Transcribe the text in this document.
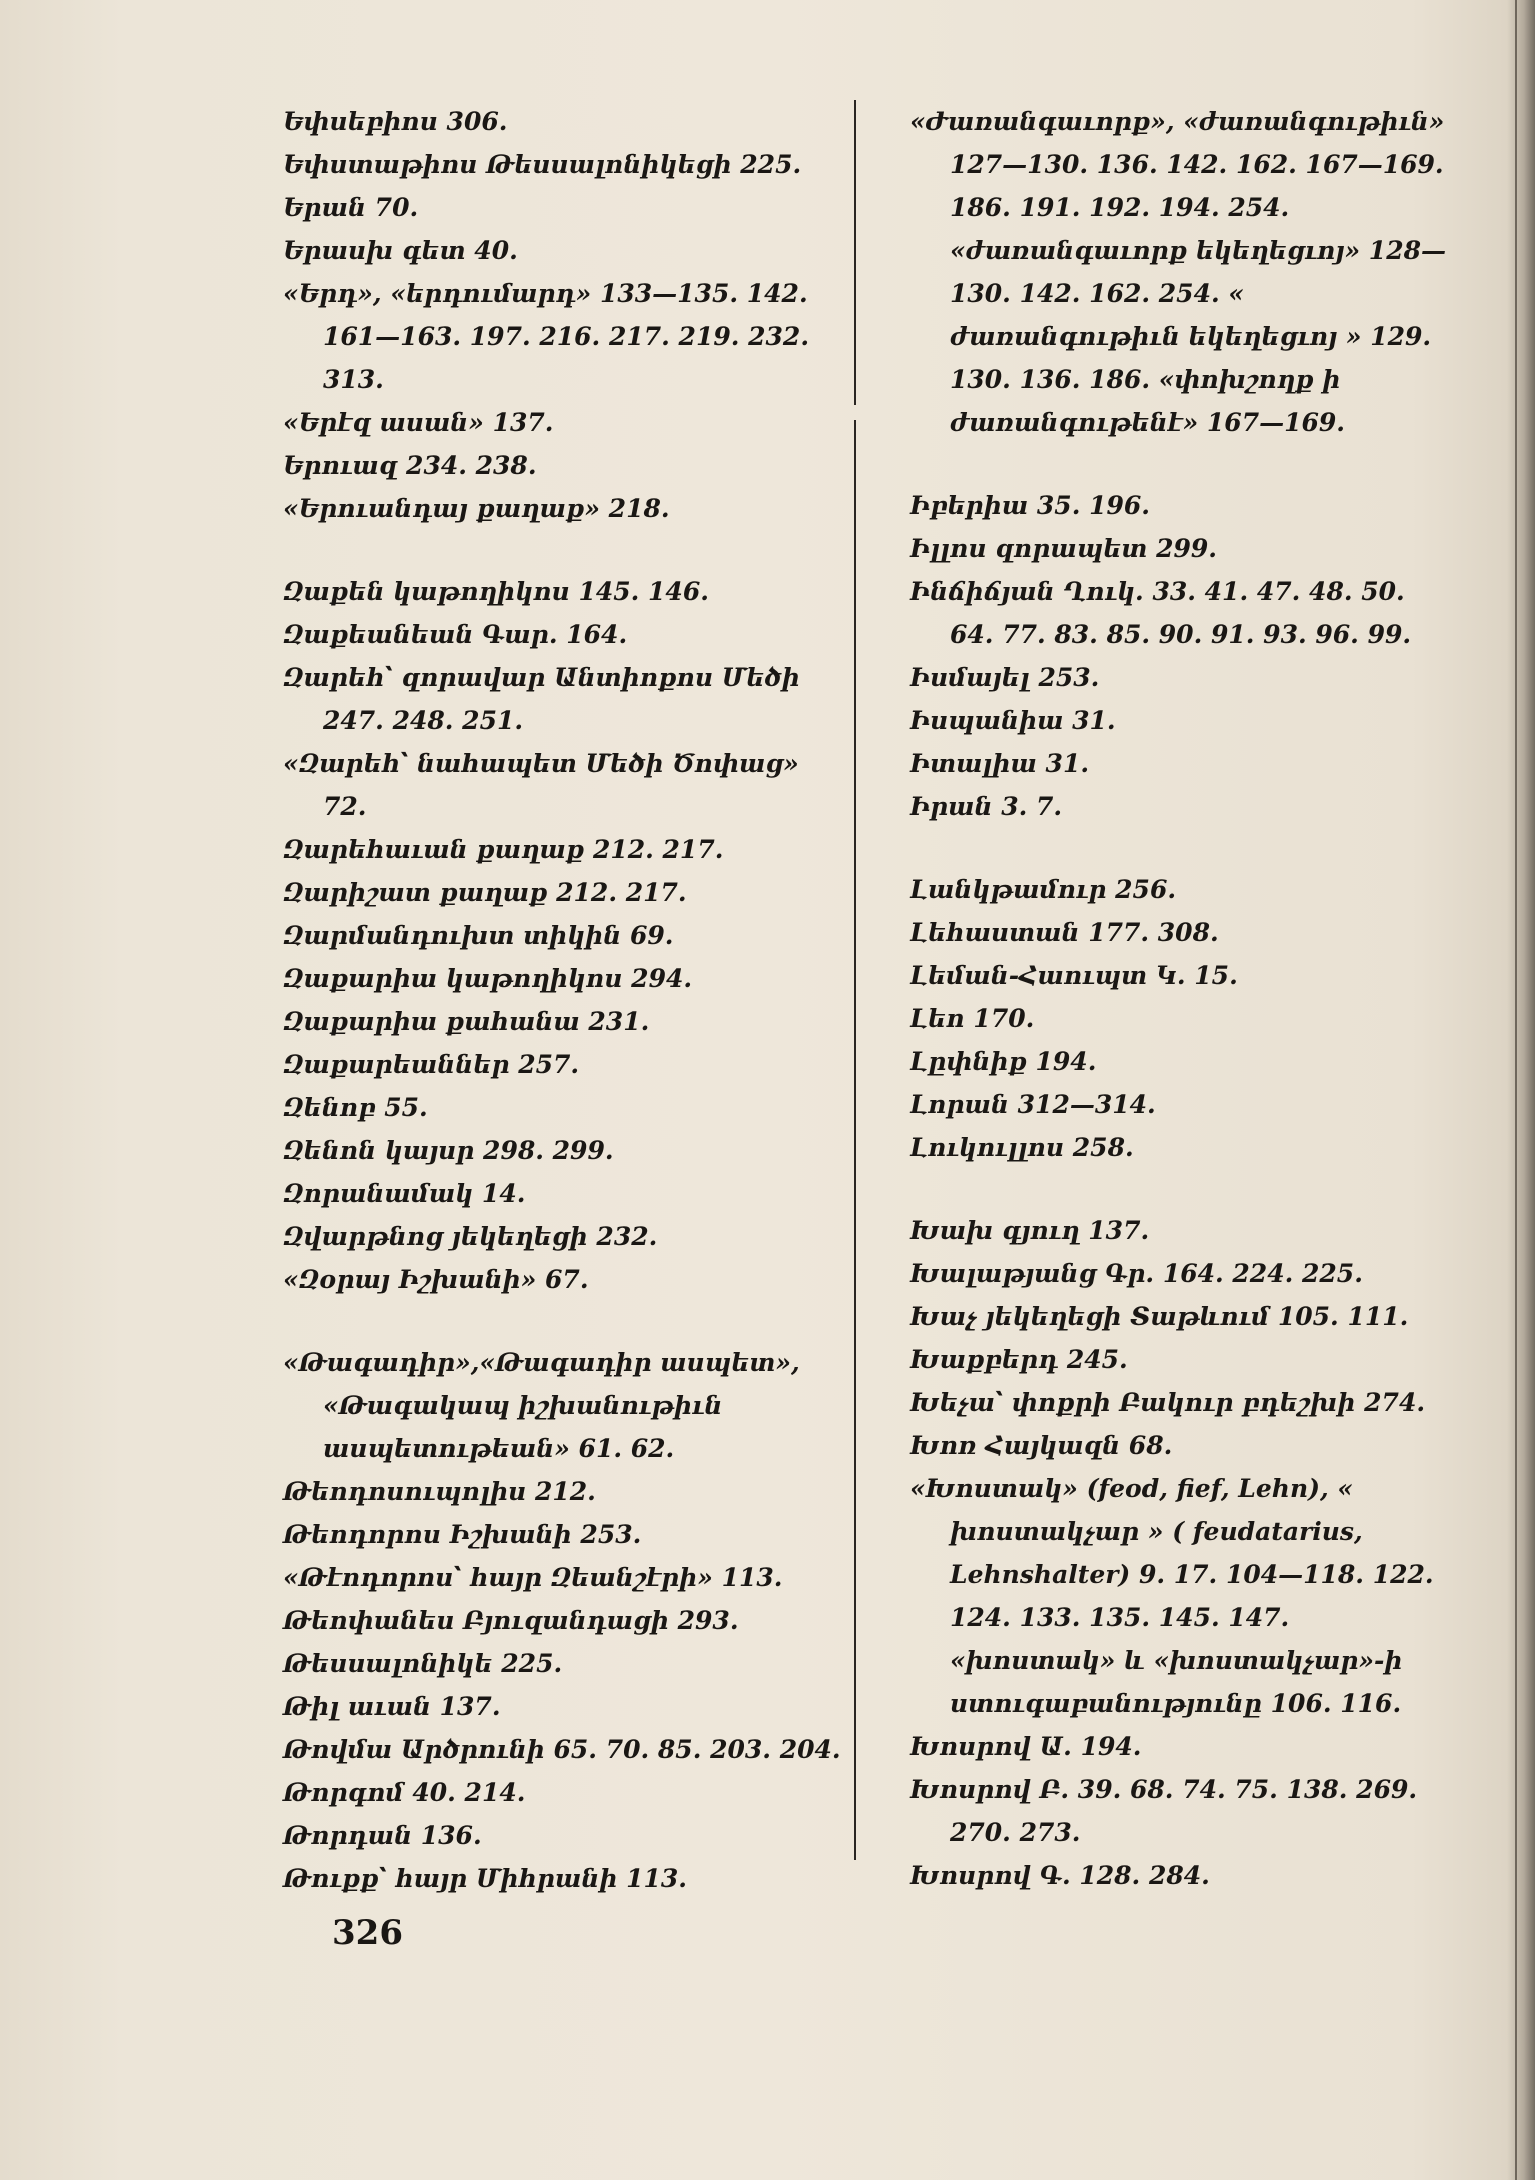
Եփսեբիոս 306.
Եփստաթիոս Թեսսալոնիկեցի 225.
Երան 70.
Երասխ գետ 40.
«Երդ», «երդումարդ» 133—135. 142. 161—163. 197. 216. 217. 219. 232. 313.
«Երէզ ասան» 137.
Երուազ 234. 238.
«Երուանդայ քաղաք» 218.
Զաքեն կաթողիկոս 145. 146.
Զաքեանեան Գար. 164.
Զարեհ՝ զորավար Անտիոքոս Մեծի 247. 248. 251.
«Զարեհ՝ նահապետ Մեծի Ծոփաց» 72.
Զարեհաւան քաղաք 212. 217.
Զարիշատ քաղաք 212. 217.
Զարմանդուխտ տիկին 69.
Զաքարիա կաթողիկոս 294.
Զաքարիա քահանա 231.
Զաքարեաններ 257.
Զենոբ 55.
Զենոն կայսր 298. 299.
Զորանամակ 14.
Զվարթնոց յեկեղեցի 232.
«Զօրայ Իշխանի» 67.
«Թագադիր»,«Թագադիր ասպետ», «Թագակապ իշխանութիւն ասպետութեան» 61. 62.
Թեոդոսուպոլիս 212.
Թեոդորոս Իշխանի 253.
«Թէոդորոս՝ հայր Զեանշէրի» 113.
Թեոփանես Բյուզանդացի 293.
Թեսսալոնիկե 225.
Թիլ աւան 137.
Թովմա Արծրունի 65. 70. 85. 203. 204.
Թորգոմ 40. 214.
Թորդան 136.
Թուքք՝ հայր Միհրանի 113.
«Ժառանգաւորք», «ժառանգութիւն» 127—130. 136. 142. 162. 167—169. 186. 191. 192. 194. 254. «ժառանգաւորք եկեղեցւոյ» 128—130. 142. 162. 254. « ժառանգութիւն եկեղեցւոյ » 129. 130. 136. 186. «փոխշողք ի ժառանգութենէ» 167—169.
Իբերիա 35. 196.
Իլլոս զորապետ 299.
Ինճիճյան Ղուկ. 33. 41. 47. 48. 50. 64. 77. 83. 85. 90. 91. 93. 96. 99.
Իսմայել 253.
Իսպանիա 31.
Իտալիա 31.
Իրան 3. 7.
Լանկթամուր 256.
Լեհաստան 177. 308.
Լեման-Հաուպտ Կ. 15.
Լեո 170.
Լըփնիք 194.
Լորան 312—314.
Լուկուլլոս 258.
Խախ գյուղ 137.
Խալաթյանց Գր. 164. 224. 225.
Խաչ յեկեղեցի Տաթևում 105. 111.
Խաքբերդ 245.
Խեչա՝ փոքրի Բակուր բդեշխի 274.
Խոռ Հայկազն 68.
«Խոստակ» (feod, fief, Lehn), « խոստակչար » ( feudatarius, Lehnshalter) 9. 17. 104—118. 122. 124. 133. 135. 145. 147. «խոստակ» և «խոստակչար»-ի ստուգաբանությունը 106. 116.
Խոսրով Ա. 194.
Խոսրով Բ. 39. 68. 74. 75. 138. 269. 270. 273.
Խոսրով Գ. 128. 284.
326
